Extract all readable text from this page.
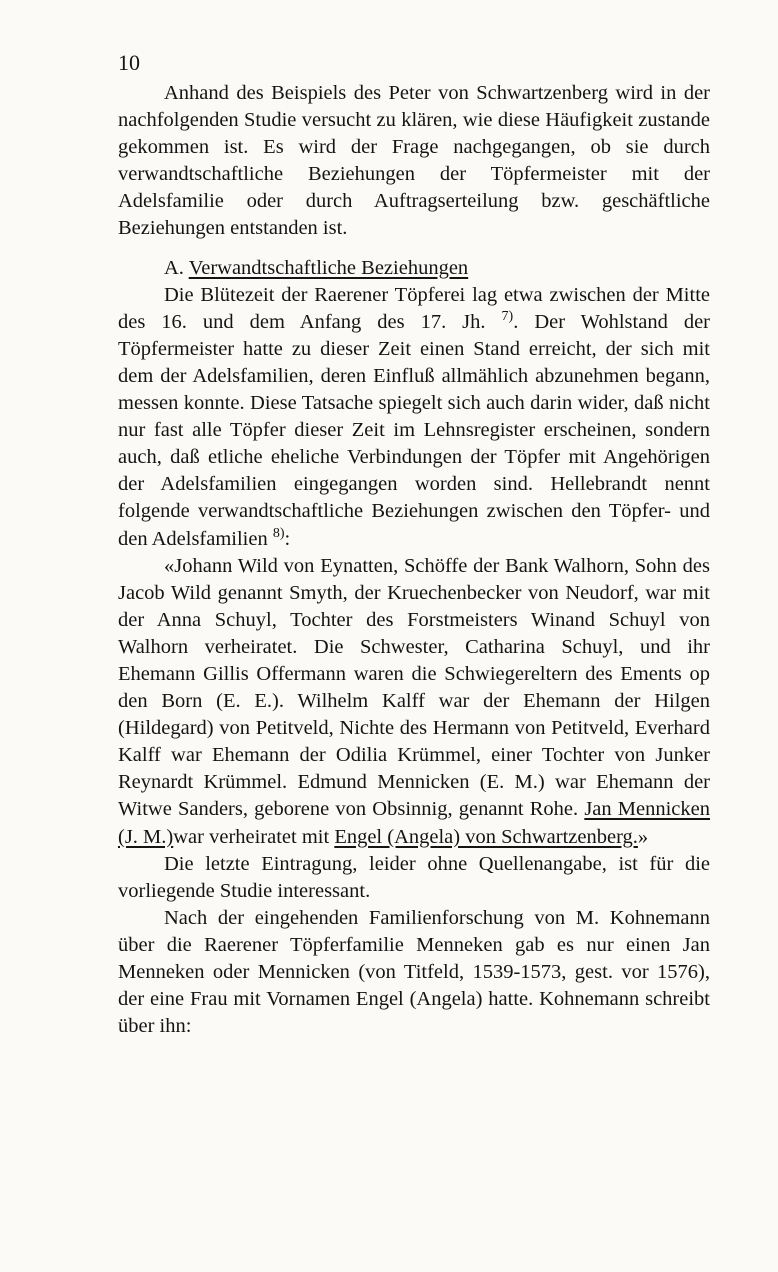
10

Anhand des Beispiels des Peter von Schwartzenberg wird in der nachfolgenden Studie versucht zu klären, wie diese Häufigkeit zustande gekommen ist. Es wird der Frage nachgegangen, ob sie durch verwandtschaftliche Beziehungen der Töpfermeister mit der Adelsfamilie oder durch Auftragserteilung bzw. geschäftliche Beziehungen entstanden ist.

A. Verwandtschaftliche Beziehungen

Die Blütezeit der Raerener Töpferei lag etwa zwischen der Mitte des 16. und dem Anfang des 17. Jh. $^{7)}$. Der Wohlstand der Töpfermeister hatte zu dieser Zeit einen Stand erreicht, der sich mit dem der Adelsfamilien, deren Einfluß allmählich abzunehmen begann, messen konnte. Diese Tatsache spiegelt sich auch darin wider, daß nicht nur fast alle Töpfer dieser Zeit im Lehnsregister erscheinen, sondern auch, daß etliche eheliche Verbindungen der Töpfer mit Angehörigen der Adelsfamilien eingegangen worden sind. Hellebrandt nennt folgende verwandtschaftliche Beziehungen zwischen den Töpfer- und den Adelsfamilien $^{8)}$:

«Johann Wild von Eynatten, Schöffe der Bank Walhorn, Sohn des Jacob Wild genannt Smyth, der Kruechenbecker von Neudorf, war mit der Anna Schuyl, Tochter des Forstmeisters Winand Schuyl von Walhorn verheiratet. Die Schwester, Catharina Schuyl, und ihr Ehemann Gillis Offermann waren die Schwiegereltern des Ements op den Born (E. E.). Wilhelm Kalff war der Ehemann der Hilgen (Hildegard) von Petitveld, Nichte des Hermann von Petitveld, Everhard Kalff war Ehemann der Odilia Krümmel, einer Tochter von Junker Reynardt Krümmel. Edmund Mennicken (E. M.) war Ehemann der Witwe Sanders, geborene von Obsinnig, genannt Rohe. Jan Mennicken (J. M.)war verheiratet mit Engel (Angela) von Schwartzenberg.»

Die letzte Eintragung, leider ohne Quellenangabe, ist für die vorliegende Studie interessant.

Nach der eingehenden Familienforschung von M. Kohnemann über die Raerener Töpferfamilie Menneken gab es nur einen Jan Menneken oder Mennicken (von Titfeld, 1539-1573, gest. vor 1576), der eine Frau mit Vornamen Engel (Angela) hatte. Kohnemann schreibt über ihn:
